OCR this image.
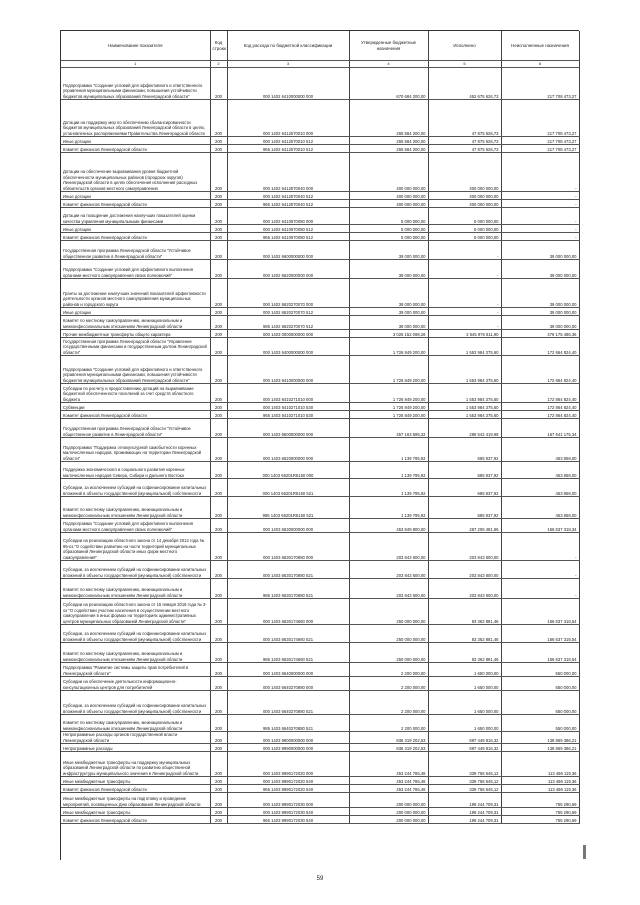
Наименование показателя	Код строки	Код расхода по бюджетной классификации	Утвержденные бюджетные назначения	Исполнено	Неисполненные назначения
1	2	3	4	5	6
Подпрограмма "Создание условий для эффективного и ответственного управления муниципальными финансами, повышения устойчивости бюджетов муниципальных образований Ленинградской области"	200	000 1402 6410000000 000	670 684 200,00	452 675 626,73	217 708 473,27
Дотации на поддержку мер по обеспечению сбалансированности бюджетов муниципальных образований Ленинградской области в целях, установленных распоряжениями Правительства Ленинградской области	200	000 1402 6412570010 000	265 584 200,00	47 875 626,73	217 708 473,27
Иные дотации	200	000 1402 6412570010 512	265 584 200,00	47 875 626,73	217 708 473,27
Комитет финансов Ленинградской области	200	965 1402 6412570010 512	265 584 200,00	47 875 626,73	217 708 473,27
Дотации на обеспечение выравнивания уровня бюджетной обеспеченности муниципальных районов (городских округов) Ленинградской области в целях обеспечения исполнения расходных обязательств органов местного самоуправления	200	000 1402 6412570040 000	400 000 000,00	400 000 000,00	-
Иные дотации	200	000 1402 6412570040 512	400 000 000,00	400 000 000,00	-
Комитет финансов Ленинградской области	200	965 1402 6412570040 512	400 000 000,00	400 000 000,00	-
Дотации на поощрение достижения наилучших показателей оценки качества управления муниципальными финансами	200	000 1402 6410670080 000	5 000 000,00	5 000 000,00	-
Иные дотации	200	000 1402 6410670080 512	5 000 000,00	5 000 000,00	-
Комитет финансов Ленинградской области	200	965 1402 6410670080 512	5 000 000,00	5 000 000,00	-
Государственная программа Ленинградской области "Устойчивое общественное развитие в Ленинградской области"	200	000 1402 6600000000 000	39 000 000,00	-	39 000 000,00
Подпрограмма "Создание условий для эффективного выполнения органами местного самоуправления своих полномочий"	200	000 1402 6620000000 000	39 000 000,00	-	39 000 000,00
Гранты за достижение наилучших значений показателей эффективности деятельности органов местного самоуправления муниципальных районов и городского округа	200	000 1402 6620270070 000	39 000 000,00	-	39 000 000,00
Иные дотации	200	000 1402 6620270070 512	39 000 000,00	-	39 000 000,00
Комитет по местному самоуправлению, межнациональным и межконфессиональным отношениям Ленинградской области	200	985 1402 6620270070 512	39 000 000,00	-	39 000 000,00
Прочие межбюджетные трансферты общего характера	200	000 1403 0000000000 000	3 025 152 098,26	2 545 976 611,90	479 175 486,36
Государственная программа Ленинградской области "Управление государственными финансами и государственным долгом Ленинградской области"	200	000 1403 6400000000 000	1 726 849 200,00	1 553 984 375,60	172 864 824,40
Подпрограмма "Создание условий для эффективного и ответственного управления муниципальными финансами, повышения устойчивости бюджетов муниципальных образований Ленинградской области"	200	000 1403 6410000000 000	1 726 849 200,00	1 553 984 375,60	172 864 824,40
Субсидии по расчету и предоставлению дотаций на выравнивание бюджетной обеспеченности поселений за счет средств областного бюджета	200	000 1403 6410271010 000	1 726 849 200,00	1 553 984 375,60	172 864 824,40
Субвенции	200	000 1403 6410271010 530	1 726 849 200,00	1 553 984 375,60	172 864 824,40
Комитет финансов Ленинградской области	200	965 1403 6410271010 530	1 726 849 200,00	1 553 984 375,60	172 864 824,40
Государственная программа Ленинградской области "Устойчивое общественное развитие в Ленинградской области"	200	000 1403 6600000000 000	457 163 595,32	289 542 419,98	167 641 175,34
Подпрограмма "Поддержка этнокультурной самобытности коренных малочисленных народов, проживающих на территории Ленинградской области"	200	000 1403 6620000000 000	1 139 795,92	685 937,92	453 858,00
Поддержка экономического и социального развития коренных малочисленных народов Севера, Сибири и Дальнего Востока	200	000 1403 66201R5150 000	1 139 795,92	685 937,92	453 858,00
Субсидии, за исключением субсидий на софинансирование капитальных вложений в объекты государственной (муниципальной) собственности	200	000 1403 66201R5150 521	1 139 795,92	685 937,92	453 858,00
Комитет по местному самоуправлению, межнациональным и межконфессиональным отношениям Ленинградской области	200	985 1403 66201R5150 521	1 139 795,92	685 937,92	453 858,00
Подпрограмма "Создание условий для эффективного выполнения органами местного самоуправления своих полномочий"	200	000 1403 6630000000 000	453 849 800,00	287 206 481,66	166 637 318,34
Субсидии на реализацию областного закона от 14 декабря 2012 года № 95-оз "О содействии развитию на части территорий муниципальных образований Ленинградской области иных форм местного самоуправления"	200	000 1403 6630170880 000	203 843 600,00	203 843 600,00	-
Субсидии, за исключением субсидий на софинансирование капитальных вложений в объекты государственной (муниципальной) собственности	200	000 1403 6630170880 521	203 843 600,00	203 843 600,00	-
Комитет по местному самоуправлению, межнациональным и межконфессиональным отношениям Ленинградской области	200	985 1403 6630170880 521	203 843 600,00	203 843 600,00	-
Субсидии на реализацию областного закона от 15 января 2018 года № 3-оз "О содействии участию населения в осуществлении местного самоуправления в иных формах на территориях административных центров муниципальных образований Ленинградской области"	200	000 1403 6630174660 000	250 000 000,00	83 362 881,46	166 637 318,54
Субсидии, за исключением субсидий на софинансирование капитальных вложений в объекты государственной (муниципальной) собственности	200	000 1403 6630174660 521	250 000 000,00	83 362 881,46	166 637 318,54
Комитет по местному самоуправлению, межнациональным и межконфессиональным отношениям Ленинградской области	200	985 1403 6630174660 521	250 000 000,00	83 362 881,46	166 637 318,54
Подпрограмма "Развитие системы защиты прав потребителей в Ленинградской области"	200	000 1403 6640000000 000	2 200 000,00	1 650 000,00	550 000,00
Субсидии на обеспечение деятельности информационно-консультационных центров для потребителей	200	000 1403 6640270880 000	2 200 000,00	1 650 000,00	550 000,00
Субсидии, за исключением субсидий на софинансирование капитальных вложений в объекты государственной (муниципальной) собственности	200	000 1403 6640270880 521	2 200 000,00	1 650 000,00	550 000,00
Комитет по местному самоуправлению, межнациональным и межконфессиональным отношениям Ленинградской области	200	985 1403 6640270880 521	2 200 000,00	1 650 000,00	550 000,00
Непрограммные расходы органов государственной власти Ленинградской области	200	000 1403 9900000000 000	836 319 202,53	697 449 816,32	138 869 386,21
Непрограммные расходы	200	000 1403 9990000000 000	836 319 202,53	697 449 816,32	138 869 386,21
Иные межбюджетные трансферты на поддержку муниципальных образований Ленинградской области по развитию общественной инфраструктуры муниципального значения в Ленинградской области	200	000 1403 9990172020 000	453 244 765,46	339 758 646,12	113 486 119,36
Иные межбюджетные трансферты	200	000 1403 9990172020 540	453 244 765,46	339 758 646,12	113 486 119,36
Комитет финансов Ленинградской области	200	965 1403 9990172020 540	453 244 765,46	339 758 646,12	113 486 119,36
Иные межбюджетные трансферты на подготовку и проведение мероприятий, посвященных Дню образования Ленинградской области	200	000 1403 9990172030 000	200 000 000,00	199 244 709,31	755 290,69
Иные межбюджетные трансферты	200	000 1403 9990172030 540	200 000 000,00	199 244 709,31	755 290,69
Комитет финансов Ленинградской области	200	965 1403 9990172030 540	200 000 000,00	199 244 709,31	755 290,69
59
